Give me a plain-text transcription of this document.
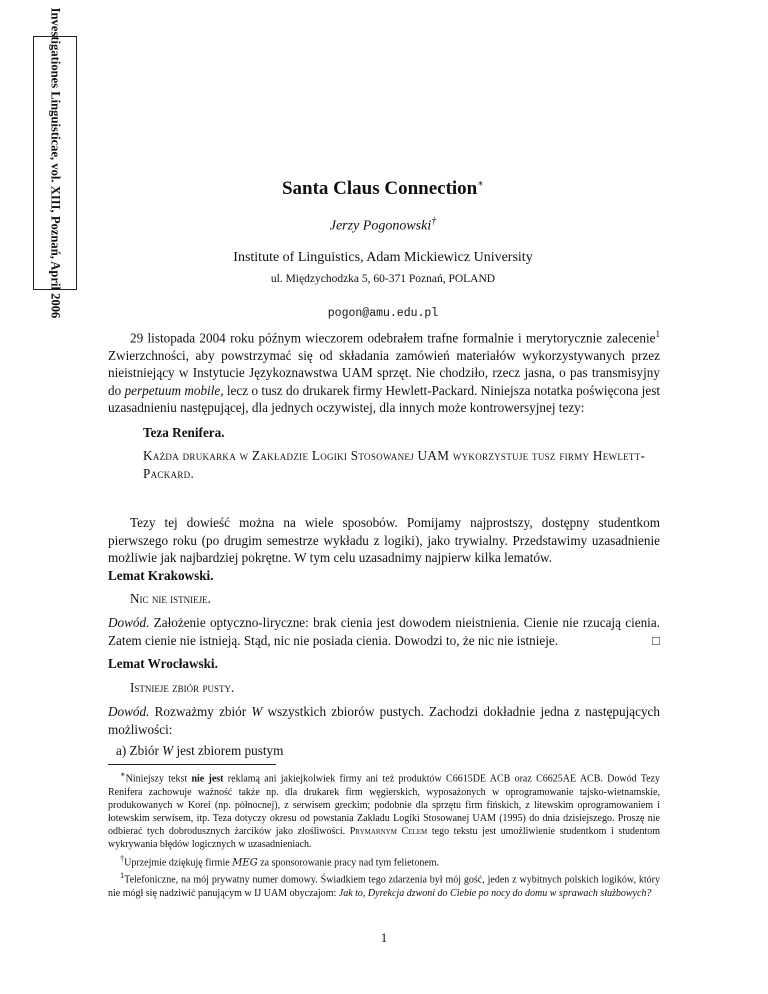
Investigationes Linguisticae, vol. XIII, Poznań, April 2006	Santa Claus Connection∗
Jerzy Pogonowski†
Institute of Linguistics, Adam Mickiewicz University
ul. Międzychodzka 5, 60-371 Poznań, POLAND
pogon@amu.edu.pl
29 listopada 2004 roku późnym wieczorem odebrałem trafne formalnie i merytorycznie zalecenie$^1$ Zwierzchności, aby powstrzymać się od składania zamówień materiałów wykorzystywanych przez nieistniejący w Instytucie Językoznawstwa UAM sprzęt. Nie chodziło, rzecz jasna, o pas transmisyjny do perpetuum mobile, lecz o tusz do drukarek firmy Hewlett-Packard. Niniejsza notatka poświęcona jest uzasadnieniu następującej, dla jednych oczywistej, dla innych może kontrowersyjnej tezy:
Teza Renifera.
Każda drukarka w Zakładzie Logiki Stosowanej UAM wykorzystuje tusz firmy Hewlett-Packard.
Tezy tej dowieść można na wiele sposobów. Pomijamy najprostszy, dostępny studentkom pierwszego roku (po drugim semestrze wykładu z logiki), jako trywialny. Przedstawimy uzasadnienie możliwie jak najbardziej pokrętne. W tym celu uzasadnimy najpierw kilka lematów.
Lemat Krakowski.
Nic nie istnieje.
Dowód. Założenie optyczno-liryczne: brak cienia jest dowodem nieistnienia. Cienie nie rzucają cienia. Zatem cienie nie istnieją. Stąd, nic nie posiada cienia. Dowodzi to, że nic nie istnieje.	□
Lemat Wrocławski.
Istnieje zbiór pusty.
Dowód. Rozważmy zbiór W wszystkich zbiorów pustych. Zachodzi dokładnie jedna z następujących możliwości:
a) Zbiór W jest zbiorem pustym

∗Niniejszy tekst nie jest reklamą ani jakiejkolwiek firmy ani też produktów C6615DE ACB oraz C6625AE ACB. Dowód Tezy Renifera zachowuje ważność także np. dla drukarek firm węgierskich, wyposażonych w oprogramowanie tajsko-wietnamskie, produkowanych w Korei (np. północnej), z serwisem greckim; podobnie dla sprzętu firm fińskich, z litewskim oprogramowaniem i łotewskim serwisem, itp. Teza dotyczy okresu od powstania Zakładu Logiki Stosowanej UAM (1995) do dnia dzisiejszego. Proszę nie odbierać tych dobrodusznych żarcików jako złośliwości. Prymarnym Celem tego tekstu jest umożliwienie studentkom i studentom wykrywania błędów logicznych w uzasadnieniach.

†Uprzejmie dziękuję firmie MEG za sponsorowanie pracy nad tym felietonem.

$^1$Telefoniczne, na mój prywatny numer domowy. Świadkiem tego zdarzenia był mój gość, jeden z wybitnych polskich logików, który nie mógł się nadziwić panującym w IJ UAM obyczajom: Jak to, Dyrekcja dzwoni do Ciebie po nocy do domu w sprawach służbowych?

1
